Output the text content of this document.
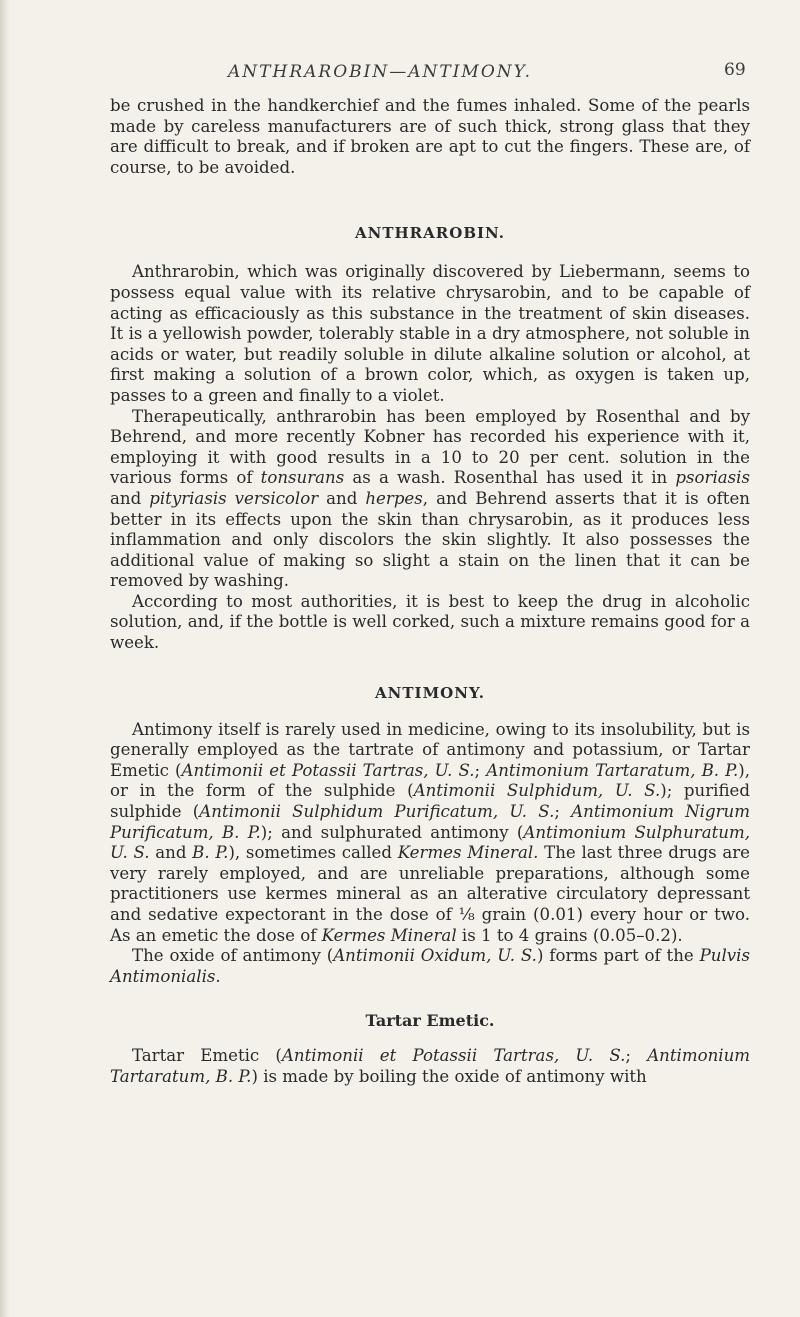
ANTHRAROBIN—ANTIMONY.	69

be crushed in the handkerchief and the fumes inhaled. Some of the pearls made by careless manufacturers are of such thick, strong glass that they are difficult to break, and if broken are apt to cut the fingers. These are, of course, to be avoided.

ANTHRAROBIN.

Anthrarobin, which was originally discovered by Liebermann, seems to possess equal value with its relative chrysarobin, and to be capable of acting as efficaciously as this substance in the treatment of skin diseases. It is a yellowish powder, tolerably stable in a dry atmosphere, not soluble in acids or water, but readily soluble in dilute alkaline solution or alcohol, at first making a solution of a brown color, which, as oxygen is taken up, passes to a green and finally to a violet.

Therapeutically, anthrarobin has been employed by Rosenthal and by Behrend, and more recently Kobner has recorded his experience with it, employing it with good results in a 10 to 20 per cent. solution in the various forms of tonsurans as a wash. Rosenthal has used it in psoriasis and pityriasis versicolor and herpes, and Behrend asserts that it is often better in its effects upon the skin than chrysarobin, as it produces less inflammation and only discolors the skin slightly. It also possesses the additional value of making so slight a stain on the linen that it can be removed by washing.

According to most authorities, it is best to keep the drug in alcoholic solution, and, if the bottle is well corked, such a mixture remains good for a week.

ANTIMONY.

Antimony itself is rarely used in medicine, owing to its insolubility, but is generally employed as the tartrate of antimony and potassium, or Tartar Emetic (Antimonii et Potassii Tartras, U. S.; Antimonium Tartaratum, B. P.), or in the form of the sulphide (Antimonii Sulphidum, U. S.); purified sulphide (Antimonii Sulphidum Purificatum, U. S.; Antimonium Nigrum Purificatum, B. P.); and sulphurated antimony (Antimonium Sulphuratum, U. S. and B. P.), sometimes called Kermes Mineral. The last three drugs are very rarely employed, and are unreliable preparations, although some practitioners use kermes mineral as an alterative circulatory depressant and sedative expectorant in the dose of ⅛ grain (0.01) every hour or two. As an emetic the dose of Kermes Mineral is 1 to 4 grains (0.05–0.2).

The oxide of antimony (Antimonii Oxidum, U. S.) forms part of the Pulvis Antimonialis.

Tartar Emetic.

Tartar Emetic (Antimonii et Potassii Tartras, U. S.; Antimonium Tartaratum, B. P.) is made by boiling the oxide of antimony with
